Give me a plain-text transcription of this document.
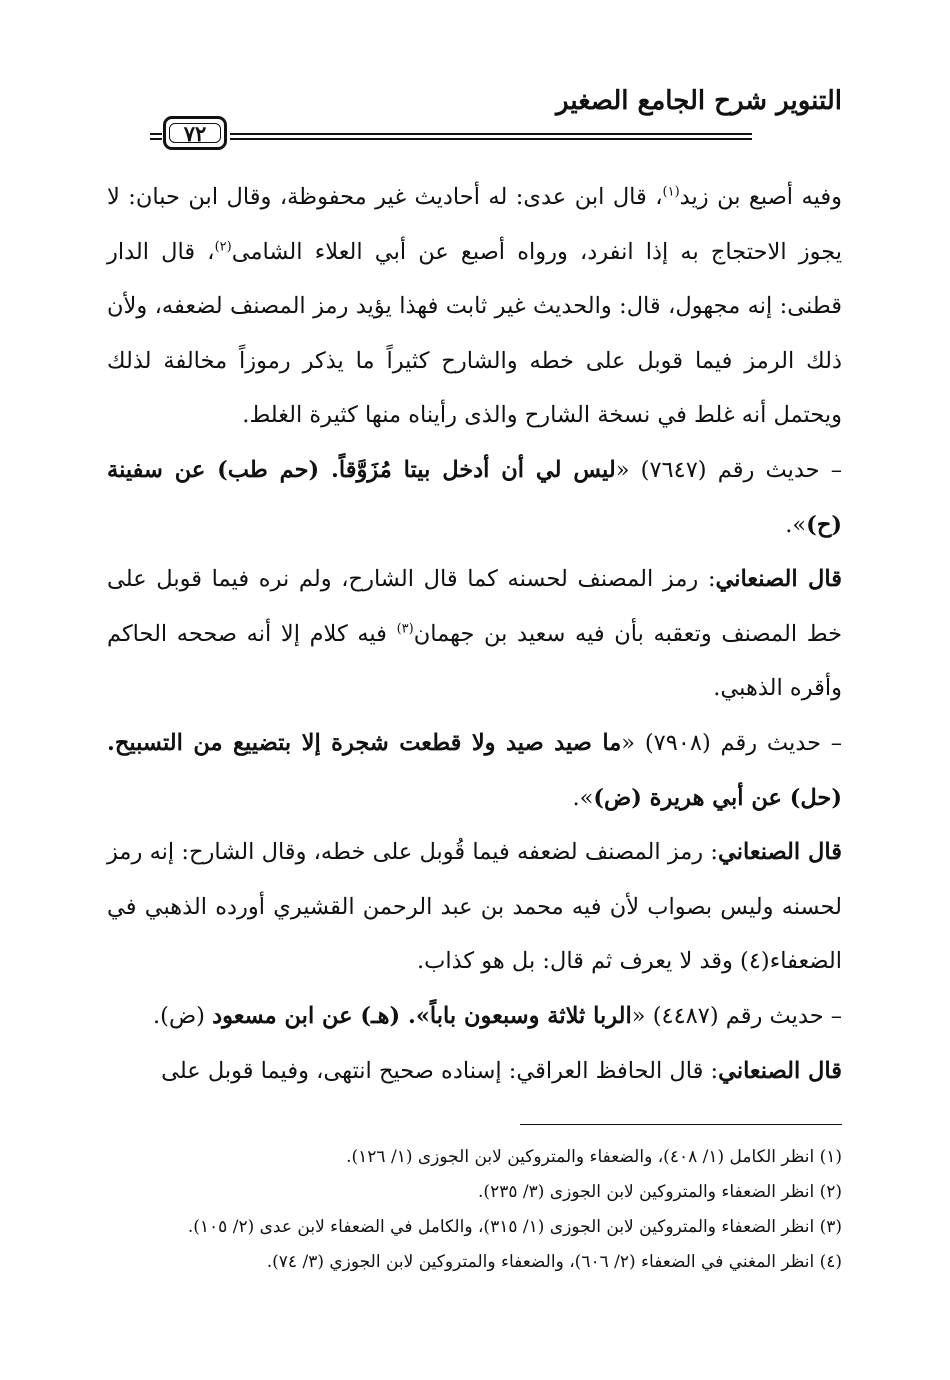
التنوير شرح الجامع الصغير
٧٢

وفيه أصبع بن زيد$^{(١)}$، قال ابن عدى: له أحاديث غير محفوظة، وقال ابن حبان: لا يجوز الاحتجاج به إذا انفرد، ورواه أصبع عن أبي العلاء الشامى$^{(٢)}$، قال الدار قطنى: إنه مجهول، قال: والحديث غير ثابت فهذا يؤيد رمز المصنف لضعفه، ولأن ذلك الرمز فيما قوبل على خطه والشارح كثيراً ما يذكر رموزاً مخالفة لذلك ويحتمل أنه غلط في نسخة الشارح والذى رأيناه منها كثيرة الغلط.

– حديث رقم (٧٦٤٧) «ليس لي أن أدخل بيتا مُزَوَّقاً. (حم طب) عن سفينة (ح)».

قال الصنعاني: رمز المصنف لحسنه كما قال الشارح، ولم نره فيما قوبل على خط المصنف وتعقبه بأن فيه سعيد بن جهمان$^{(٣)}$ فيه كلام إلا أنه صححه الحاكم وأقره الذهبي.

– حديث رقم (٧٩٠٨) «ما صيد صيد ولا قطعت شجرة إلا بتضييع من التسبيح. (حل) عن أبي هريرة (ض)».

قال الصنعاني: رمز المصنف لضعفه فيما قُوبل على خطه، وقال الشارح: إنه رمز لحسنه وليس بصواب لأن فيه محمد بن عبد الرحمن القشيري أورده الذهبي في الضعفاء(٤) وقد لا يعرف ثم قال: بل هو كذاب.

– حديث رقم (٤٤٨٧) «الربا ثلاثة وسبعون باباً». (هـ) عن ابن مسعود (ض).

قال الصنعاني: قال الحافظ العراقي: إسناده صحيح انتهى، وفيما قوبل على

(١) انظر الكامل (١/ ٤٠٨)، والضعفاء والمتروكين لابن الجوزى (١/ ١٢٦).
(٢) انظر الضعفاء والمتروكين لابن الجوزى (٣/ ٢٣٥).
(٣) انظر الضعفاء والمتروكين لابن الجوزى (١/ ٣١٥)، والكامل في الضعفاء لابن عدى (٢/ ١٠٥).
(٤) انظر المغني في الضعفاء (٢/ ٦٠٦)، والضعفاء والمتروكين لابن الجوزي (٣/ ٧٤).
